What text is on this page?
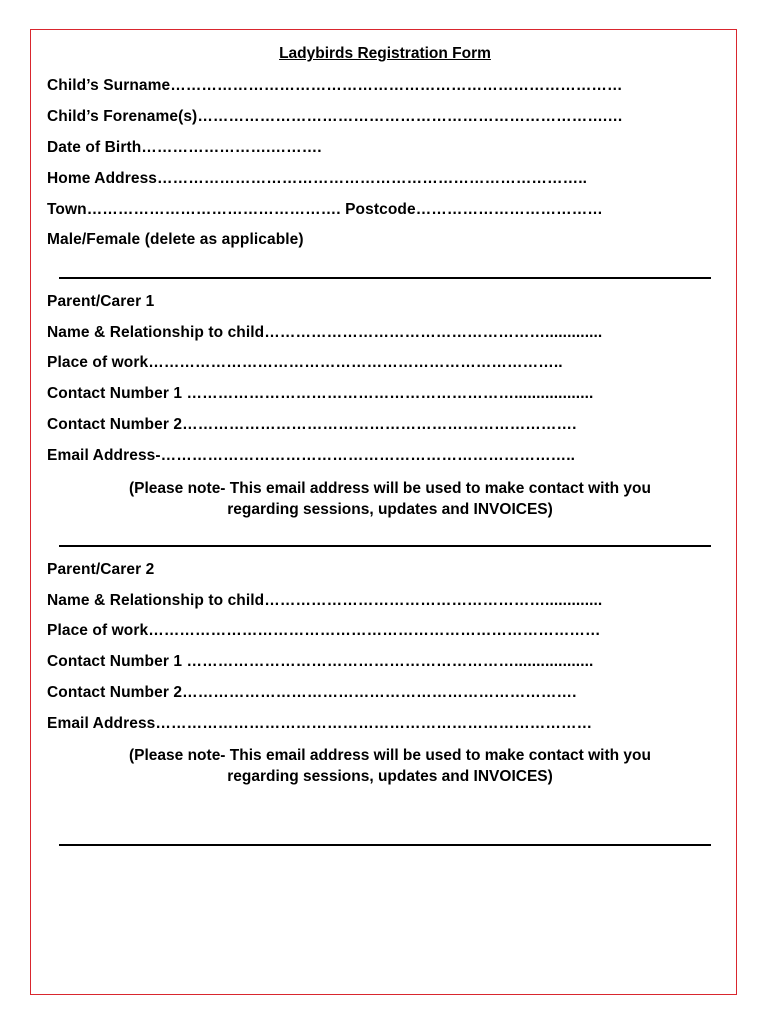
Ladybirds Registration Form
Child’s Surname……………………………………………………………………………
Child’s Forename(s)…………………………………………………………………….…
Date of Birth…………………….……….
Home Address………………………………………………………………………..
Town…………………………………………. Postcode………………………………
Male/Female (delete as applicable)
Parent/Carer 1
Name & Relationship to child……………………………………………….............
Place of work……………………………………………………………………..
Contact Number 1 ………………………………………………………..................
Contact Number 2………………………………………………………………….
Email Address-……………………………………………………………………..
(Please note- This email address will be used to make contact with you
regarding sessions, updates and INVOICES)
Parent/Carer 2
Name & Relationship to child……………………………………………….............
Place of work……………………………………………………………………………
Contact Number 1 ………………………………………………………..................
Contact Number 2………………………………………………………………….
Email Address…………………………………………………………………………
(Please note- This email address will be used to make contact with you
regarding sessions, updates and INVOICES)
